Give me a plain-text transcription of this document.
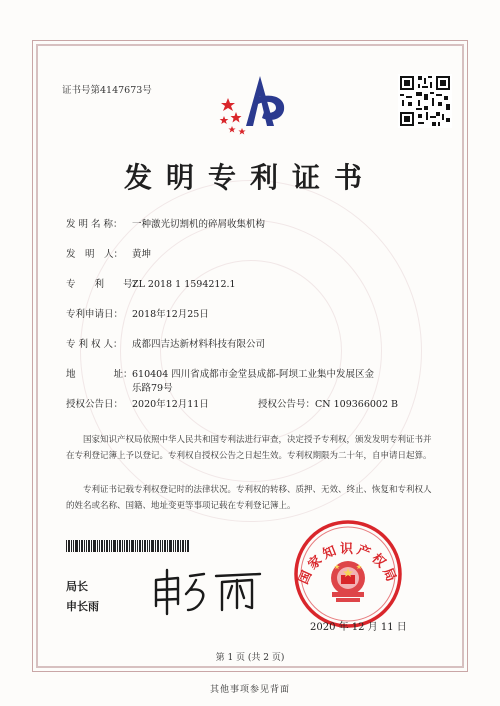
证书号第4147673号
发明专利证书
发 明 名 称： 一种激光切割机的碎屑收集机构
发　明　人： 黄坤
专　　利　　号：ZL 2018 1 1594212.1
专利申请日： 2018年12月25日
专 利 权 人： 成都四吉达新材料科技有限公司
地　　　　址：610404 四川省成都市金堂县成都-阿坝工业集中发展区金
乐路79号
授权公告日： 2020年12月11日	授权公告号：CN 109366002 B
国家知识产权局依照中华人民共和国专利法进行审查，决定授予专利权，颁发发明专利证书并在专利登记簿上予以登记。专利权自授权公告之日起生效。专利权期限为二十年，自申请日起算。
专利证书记载专利权登记时的法律状况。专利权的转移、质押、无效、终止、恢复和专利权人的姓名或名称、国籍、地址变更等事项记载在专利登记簿上。
局长
申长雨
国家知识产权局
2020 年 12 月 11 日
第 1 页 (共 2 页)
其他事项参见背面
